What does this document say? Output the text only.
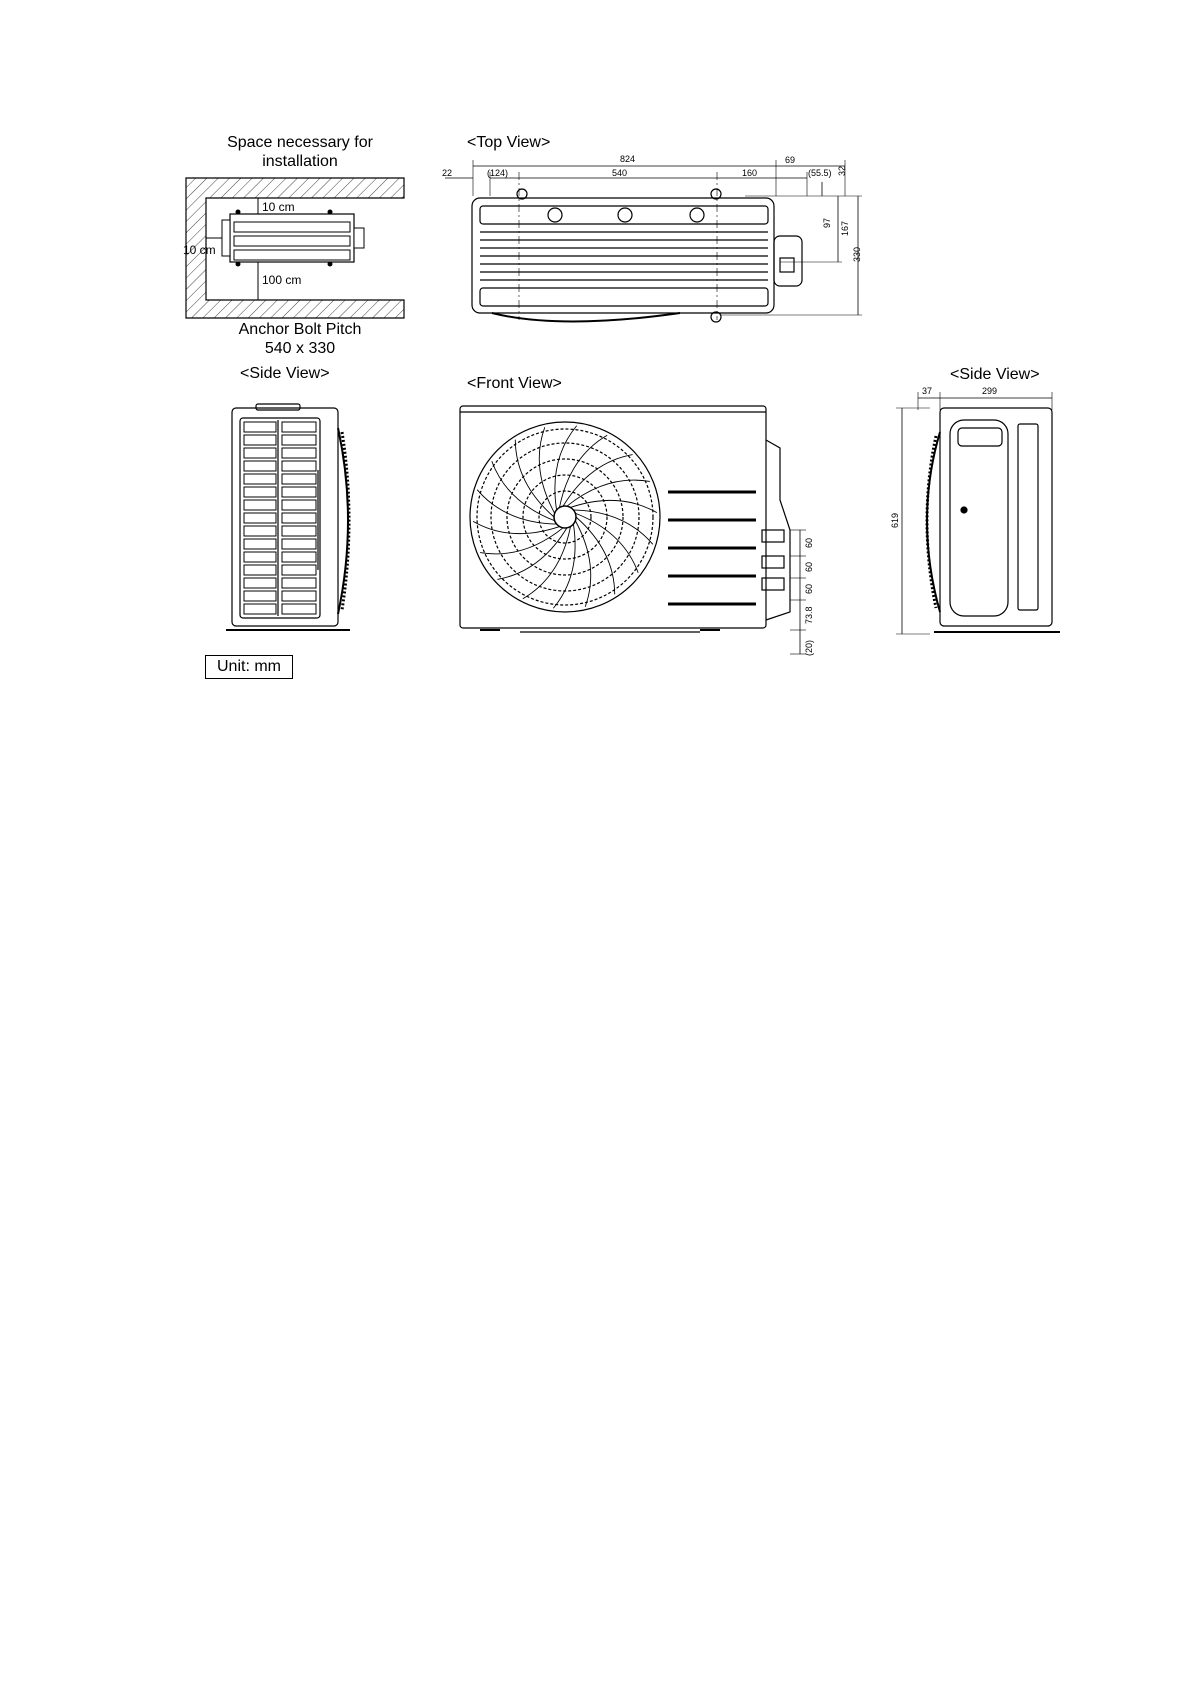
Space necessary for
installation
Anchor Bolt Pitch
540 x 330
<Top View>
<Side View>
<Front View>
<Side View>
Unit: mm
10 cm
10 cm
100 cm
824	69
22	(124)	540	160	(55.5) 32
97 167
330
60
60
60
73.8
(20)
37	299
619
